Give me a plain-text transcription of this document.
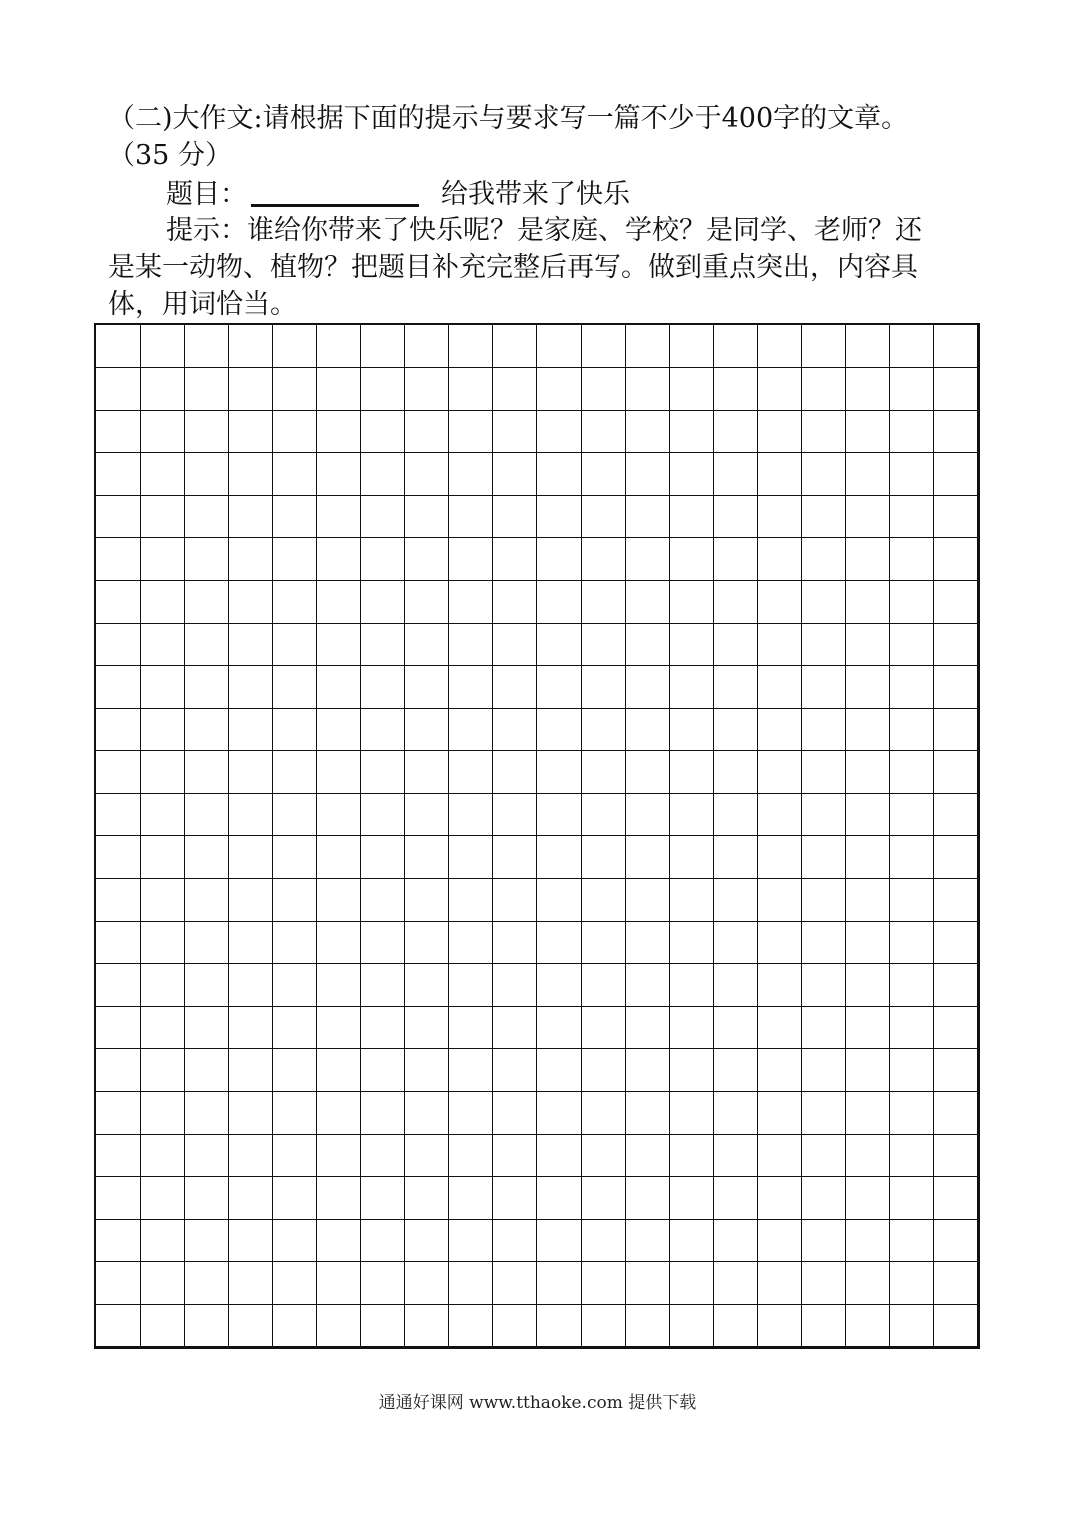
（二)大作文:请根据下面的提示与要求写一篇不少于400字的文章。
（35 分）
题目：	给我带来了快乐
提示：谁给你带来了快乐呢？是家庭、学校？是同学、老师？还
是某一动物、植物？把题目补充完整后再写。做到重点突出，内容具
体，用词恰当。
通通好课网 www.tthaoke.com 提供下载
